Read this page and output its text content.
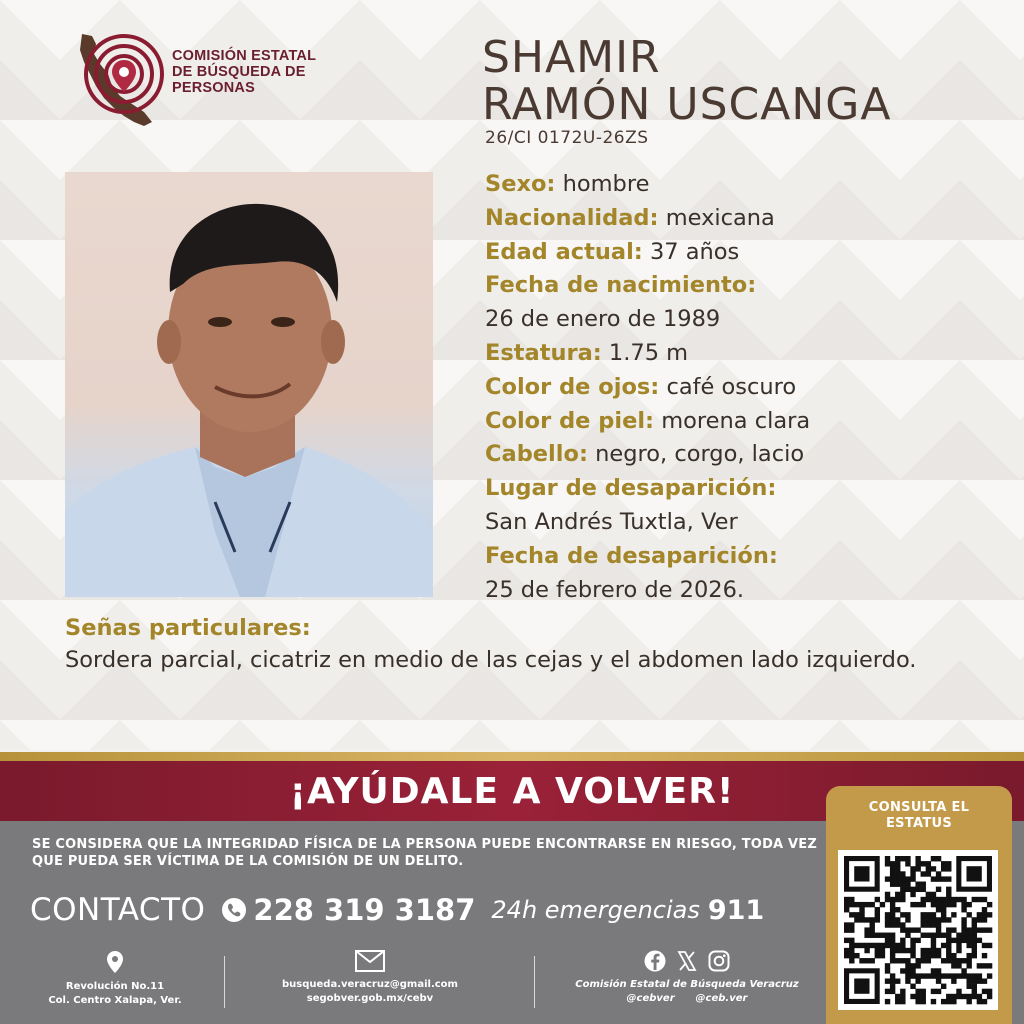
COMISIÓN ESTATAL
DE BÚSQUEDA DE
PERSONAS
SHAMIR
RAMÓN USCANGA
26/CI 0172U-26ZS
Sexo: hombre
Nacionalidad: mexicana
Edad actual: 37 años
Fecha de nacimiento:
26 de enero de 1989
Estatura: 1.75 m
Color de ojos: café oscuro
Color de piel: morena clara
Cabello: negro, corgo, lacio
Lugar de desaparición:
San Andrés Tuxtla, Ver
Fecha de desaparición:
25 de febrero de 2026.
Señas particulares:
Sordera parcial, cicatriz en medio de las cejas y el abdomen lado izquierdo.
¡AYÚDALE A VOLVER!
SE CONSIDERA QUE LA INTEGRIDAD FÍSICA DE LA PERSONA PUEDE ENCONTRARSE EN RIESGO, TODA VEZ QUE PUEDA SER VÍCTIMA DE LA COMISIÓN DE UN DELITO.
CONTACTO 228 319 3187 24h emergencias 911
Revolución No.11
Col. Centro Xalapa, Ver.
busqueda.veracruz@gmail.com
segobver.gob.mx/cebv
Comisión Estatal de Búsqueda Veracruz
@cebver      @ceb.ver
CONSULTA EL
ESTATUS
